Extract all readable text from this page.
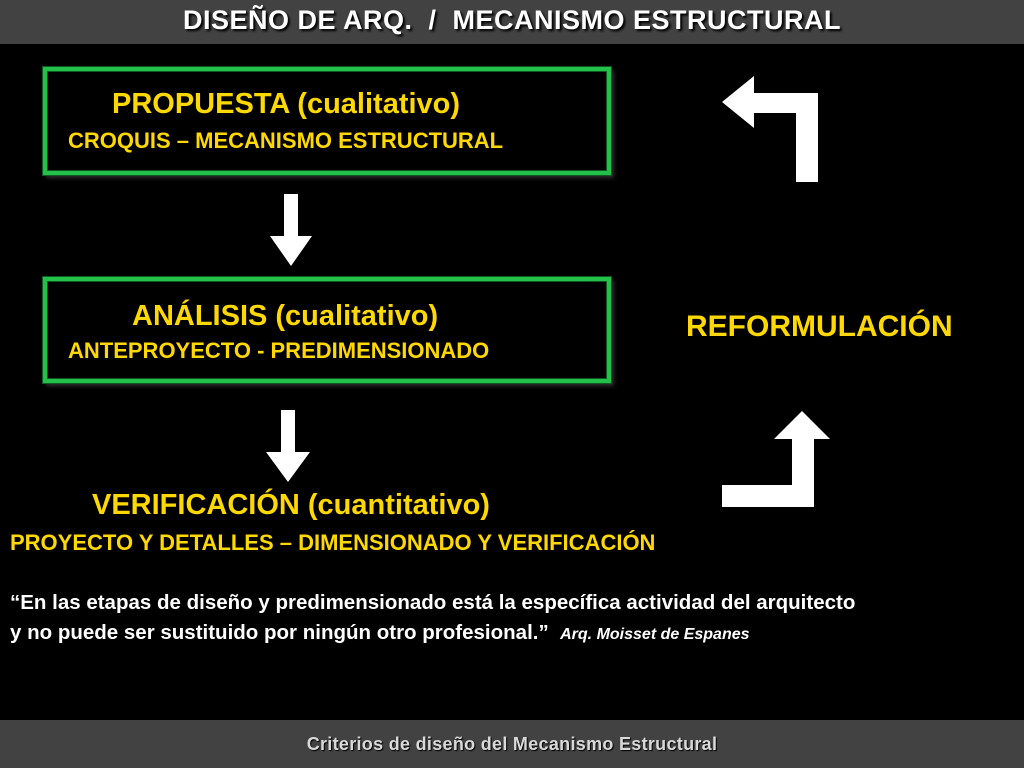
DISEÑO DE ARQ.  /  MECANISMO ESTRUCTURAL
PROPUESTA (cualitativo)
CROQUIS – MECANISMO ESTRUCTURAL
ANÁLISIS (cualitativo)
ANTEPROYECTO - PREDIMENSIONADO
VERIFICACIÓN (cuantitativo)
PROYECTO Y DETALLES – DIMENSIONADO Y VERIFICACIÓN
REFORMULACIÓN
“En las etapas de diseño y predimensionado está la específica actividad del arquitecto
y no puede ser sustituido por ningún otro profesional.” Arq. Moisset de Espanes
Criterios de diseño del Mecanismo Estructural
